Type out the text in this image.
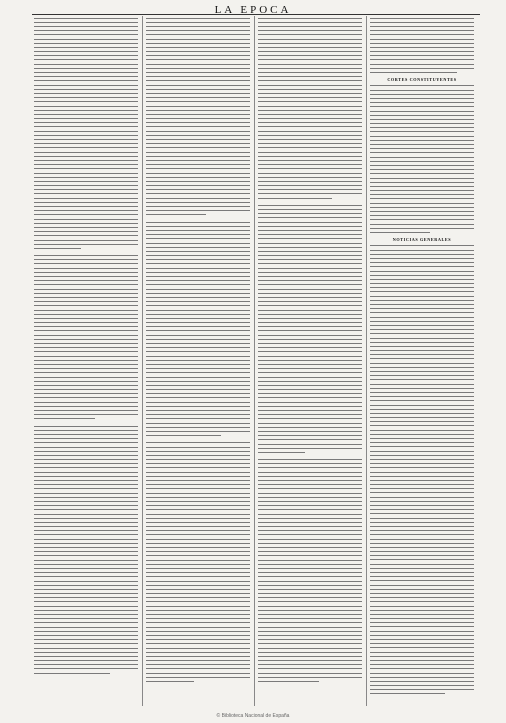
LA EPOCA
CORTES CONSTITUYENTES
NOTICIAS GENERALES
© Biblioteca Nacional de España
